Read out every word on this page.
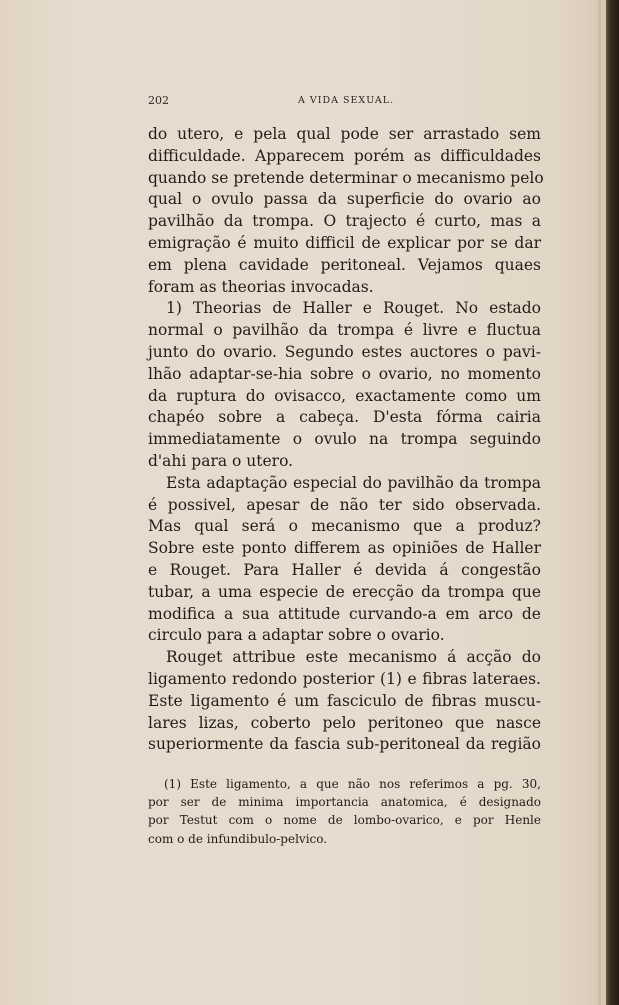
202	A VIDA SEXUAL.
do utero, e pela qual pode ser arrastado sem
difficuldade. Apparecem porém as difficuldades
quando se pretende determinar o mecanismo pelo
qual o ovulo passa da superficie do ovario ao
pavilhão da trompa. O trajecto é curto, mas a
emigração é muito difficil de explicar por se dar
em plena cavidade peritoneal. Vejamos quaes
foram as theorias invocadas.
1) Theorias de Haller e Rouget. No estado
normal o pavilhão da trompa é livre e fluctua
junto do ovario. Segundo estes auctores o pavi-
lhão adaptar-se-hia sobre o ovario, no momento
da ruptura do ovisacco, exactamente como um
chapéo sobre a cabeça. D'esta fórma cairia
immediatamente o ovulo na trompa seguindo
d'ahi para o utero.
Esta adaptação especial do pavilhão da trompa
é possivel, apesar de não ter sido observada.
Mas qual será o mecanismo que a produz?
Sobre este ponto differem as opiniões de Haller
e Rouget. Para Haller é devida á congestão
tubar, a uma especie de erecção da trompa que
modifica a sua attitude curvando-a em arco de
circulo para a adaptar sobre o ovario.
Rouget attribue este mecanismo á acção do
ligamento redondo posterior (1) e fibras lateraes.
Este ligamento é um fasciculo de fibras muscu-
lares lizas, coberto pelo peritoneo que nasce
superiormente da fascia sub-peritoneal da região
(1) Este ligamento, a que não nos referimos a pg. 30,
por ser de minima importancia anatomica, é designado
por Testut com o nome de lombo-ovarico, e por Henle
com o de infundibulo-pelvico.
